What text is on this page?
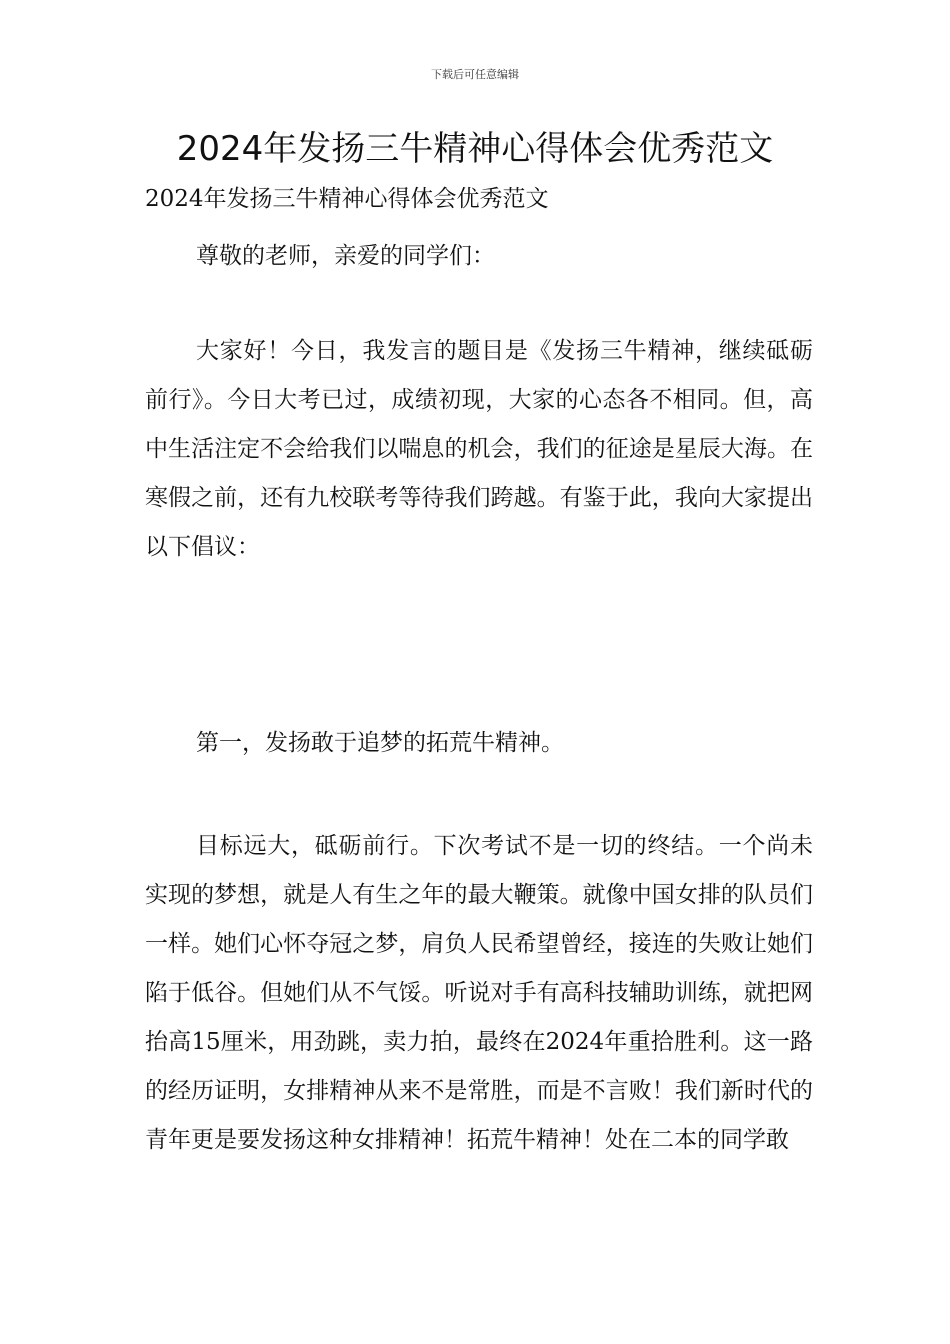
下载后可任意编辑
2024年发扬三牛精神心得体会优秀范文
2024年发扬三牛精神心得体会优秀范文

尊敬的老师，亲爱的同学们：

大家好！今日，我发言的题目是《发扬三牛精神，继续砥砺前行》。今日大考已过，成绩初现，大家的心态各不相同。但，高中生活注定不会给我们以喘息的机会，我们的征途是星辰大海。在寒假之前，还有九校联考等待我们跨越。有鉴于此，我向大家提出以下倡议：

第一，发扬敢于追梦的拓荒牛精神。

目标远大，砥砺前行。下次考试不是一切的终结。一个尚未实现的梦想，就是人有生之年的最大鞭策。就像中国女排的队员们一样。她们心怀夺冠之梦，肩负人民希望曾经，接连的失败让她们陷于低谷。但她们从不气馁。听说对手有高科技辅助训练，就把网抬高15厘米，用劲跳，卖力拍，最终在2024年重拾胜利。这一路的经历证明，女排精神从来不是常胜，而是不言败！我们新时代的青年更是要发扬这种女排精神！拓荒牛精神！处在二本的同学敢
